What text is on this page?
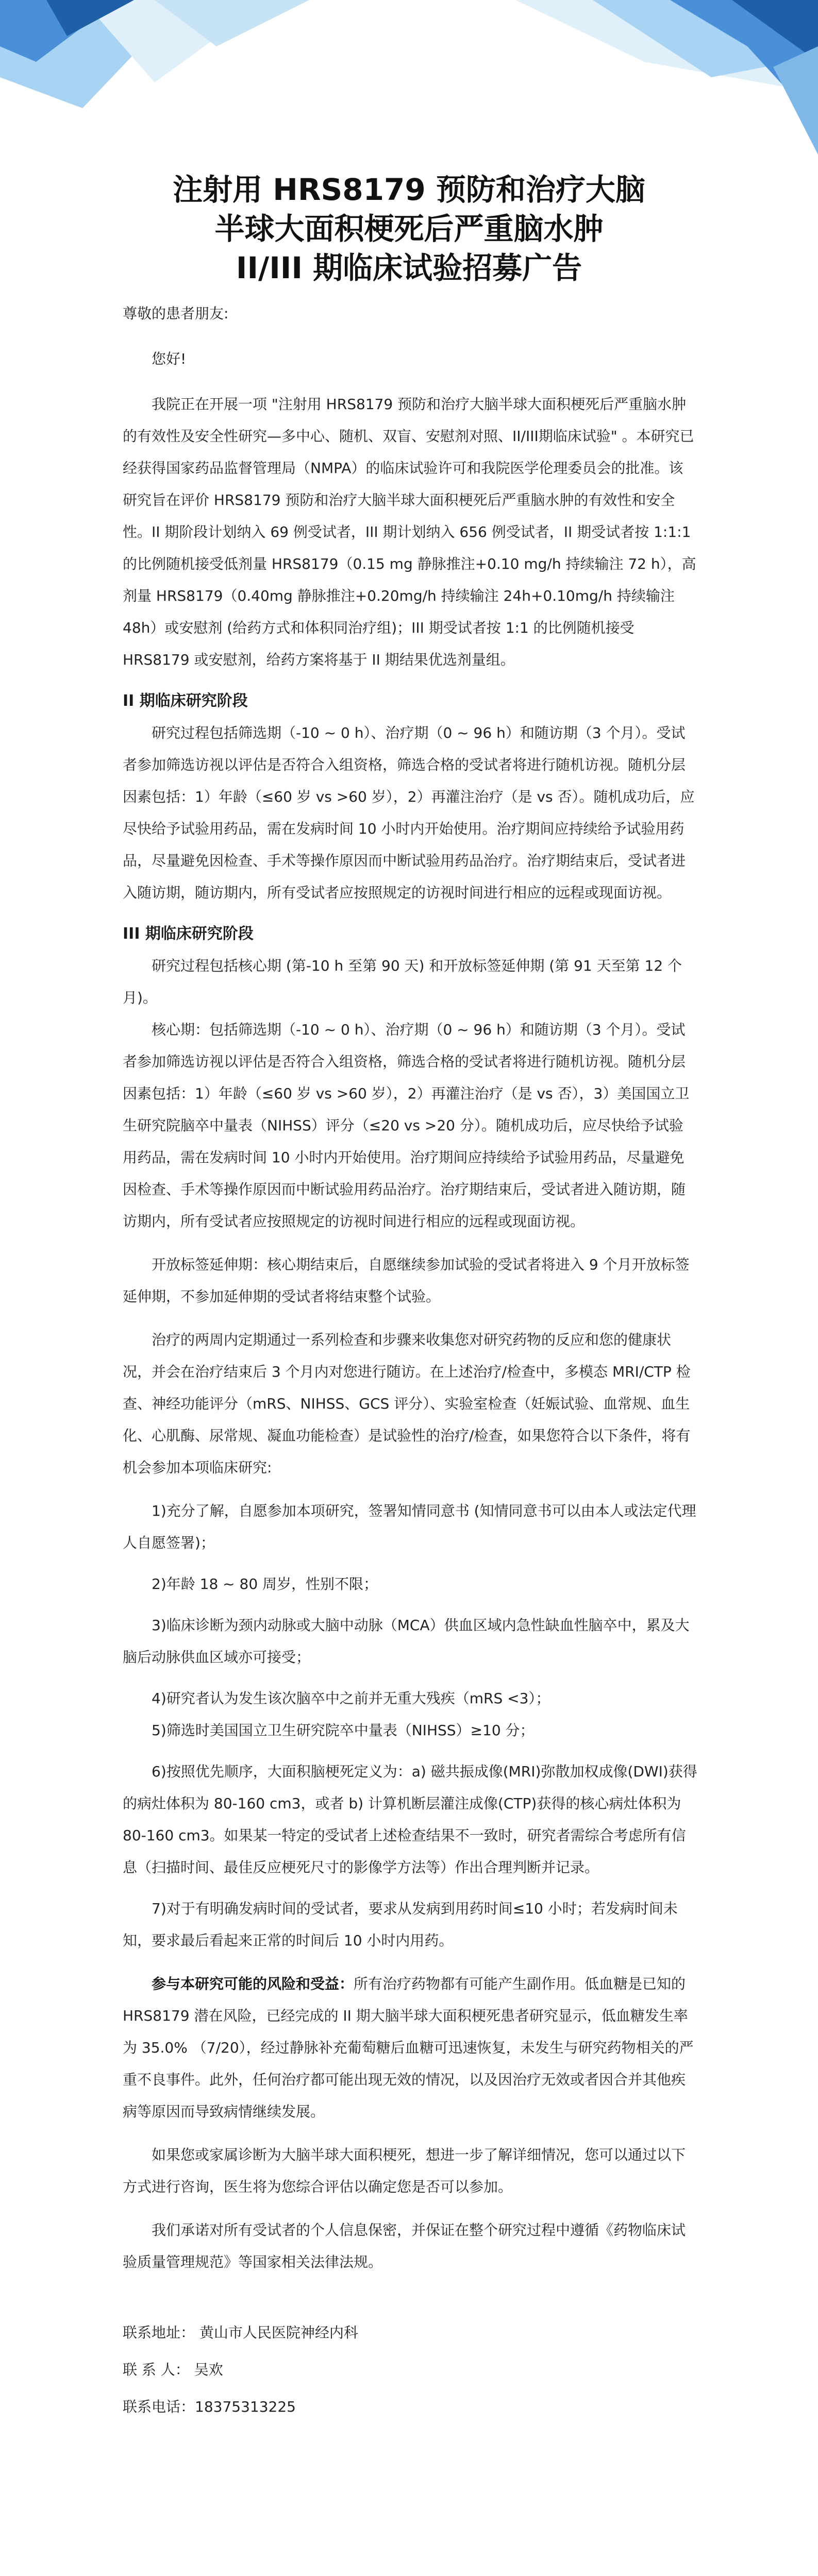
注射用 HRS8179 预防和治疗大脑
半球大面积梗死后严重脑水肿
II/III 期临床试验招募广告

尊敬的患者朋友:

您好!

我院正在开展一项 "注射用 HRS8179 预防和治疗大脑半球大面积梗死后严重脑水肿的有效性及安全性研究—多中心、随机、双盲、安慰剂对照、II/III期临床试验" 。本研究已经获得国家药品监督管理局（NMPA）的临床试验许可和我院医学伦理委员会的批准。该研究旨在评价 HRS8179 预防和治疗大脑半球大面积梗死后严重脑水肿的有效性和安全性。II 期阶段计划纳入 69 例受试者，III 期计划纳入 656 例受试者，II 期受试者按 1:1:1 的比例随机接受低剂量 HRS8179（0.15 mg 静脉推注+0.10 mg/h 持续输注 72 h），高剂量 HRS8179（0.40mg 静脉推注+0.20mg/h 持续输注 24h+0.10mg/h 持续输注 48h）或安慰剂 (给药方式和体积同治疗组)；III 期受试者按 1:1 的比例随机接受 HRS8179 或安慰剂，给药方案将基于 II 期结果优选剂量组。

II 期临床研究阶段

研究过程包括筛选期（-10 ~ 0 h）、治疗期（0 ~ 96 h）和随访期（3 个月）。受试者参加筛选访视以评估是否符合入组资格，筛选合格的受试者将进行随机访视。随机分层因素包括：1）年龄（≤60 岁 vs >60 岁），2）再灌注治疗（是 vs 否）。随机成功后，应尽快给予试验用药品，需在发病时间 10 小时内开始使用。治疗期间应持续给予试验用药品，尽量避免因检查、手术等操作原因而中断试验用药品治疗。治疗期结束后，受试者进入随访期，随访期内，所有受试者应按照规定的访视时间进行相应的远程或现面访视。

III 期临床研究阶段

研究过程包括核心期 (第-10 h 至第 90 天) 和开放标签延伸期 (第 91 天至第 12 个月)。

核心期：包括筛选期（-10 ~ 0 h）、治疗期（0 ~ 96 h）和随访期（3 个月）。受试者参加筛选访视以评估是否符合入组资格，筛选合格的受试者将进行随机访视。随机分层因素包括：1）年龄（≤60 岁 vs >60 岁），2）再灌注治疗（是 vs 否），3）美国国立卫生研究院脑卒中量表（NIHSS）评分（≤20 vs >20 分）。随机成功后，应尽快给予试验用药品，需在发病时间 10 小时内开始使用。治疗期间应持续给予试验用药品，尽量避免因检查、手术等操作原因而中断试验用药品治疗。治疗期结束后，受试者进入随访期，随访期内，所有受试者应按照规定的访视时间进行相应的远程或现面访视。

开放标签延伸期：核心期结束后，自愿继续参加试验的受试者将进入 9 个月开放标签延伸期，不参加延伸期的受试者将结束整个试验。

治疗的两周内定期通过一系列检查和步骤来收集您对研究药物的反应和您的健康状况，并会在治疗结束后 3 个月内对您进行随访。在上述治疗/检查中，多模态 MRI/CTP 检查、神经功能评分（mRS、NIHSS、GCS 评分）、实验室检查（妊娠试验、血常规、血生化、心肌酶、尿常规、凝血功能检查）是试验性的治疗/检查，如果您符合以下条件，将有机会参加本项临床研究:

1)充分了解，自愿参加本项研究，签署知情同意书 (知情同意书可以由本人或法定代理人自愿签署)；

2)年龄 18 ~ 80 周岁，性别不限；

3)临床诊断为颈内动脉或大脑中动脉（MCA）供血区域内急性缺血性脑卒中，累及大脑后动脉供血区域亦可接受；

4)研究者认为发生该次脑卒中之前并无重大残疾（mRS <3）；

5)筛选时美国国立卫生研究院卒中量表（NIHSS）≥10 分；

6)按照优先顺序，大面积脑梗死定义为：a) 磁共振成像(MRI)弥散加权成像(DWI)获得的病灶体积为 80-160 cm3，或者 b) 计算机断层灌注成像(CTP)获得的核心病灶体积为 80-160 cm3。如果某一特定的受试者上述检查结果不一致时，研究者需综合考虑所有信息（扫描时间、最佳反应梗死尺寸的影像学方法等）作出合理判断并记录。

7)对于有明确发病时间的受试者，要求从发病到用药时间≤10 小时；若发病时间未知，要求最后看起来正常的时间后 10 小时内用药。

参与本研究可能的风险和受益：所有治疗药物都有可能产生副作用。低血糖是已知的 HRS8179 潜在风险，已经完成的 II 期大脑半球大面积梗死患者研究显示，低血糖发生率为 35.0% （7/20），经过静脉补充葡萄糖后血糖可迅速恢复，未发生与研究药物相关的严重不良事件。此外，任何治疗都可能出现无效的情况，以及因治疗无效或者因合并其他疾病等原因而导致病情继续发展。

如果您或家属诊断为大脑半球大面积梗死，想进一步了解详细情况，您可以通过以下方式进行咨询，医生将为您综合评估以确定您是否可以参加。

我们承诺对所有受试者的个人信息保密，并保证在整个研究过程中遵循《药物临床试验质量管理规范》等国家相关法律法规。

联系地址： 黄山市人民医院神经内科

联 系 人： 吴欢

联系电话：18375313225
